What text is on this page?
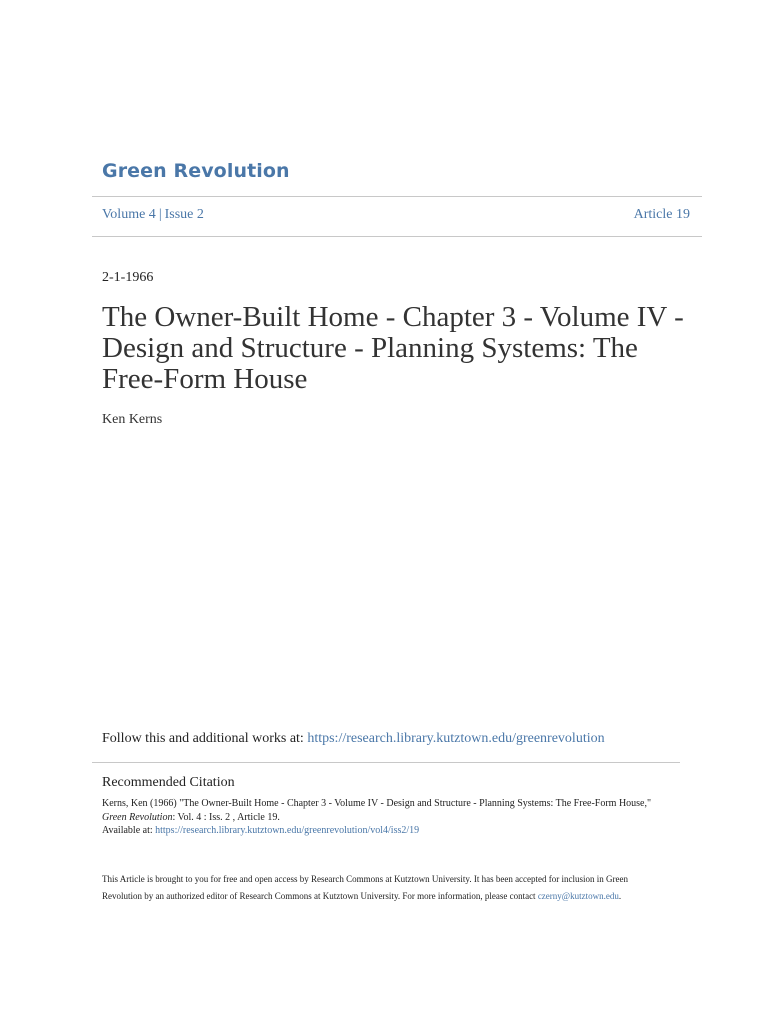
Green Revolution
Volume 4 | Issue 2	Article 19
2-1-1966
The Owner-Built Home - Chapter 3 - Volume IV - Design and Structure - Planning Systems: The Free-Form House
Ken Kerns
Follow this and additional works at: https://research.library.kutztown.edu/greenrevolution
Recommended Citation
Kerns, Ken (1966) "The Owner-Built Home - Chapter 3 - Volume IV - Design and Structure - Planning Systems: The Free-Form House," Green Revolution: Vol. 4 : Iss. 2 , Article 19.
Available at: https://research.library.kutztown.edu/greenrevolution/vol4/iss2/19
This Article is brought to you for free and open access by Research Commons at Kutztown University. It has been accepted for inclusion in Green Revolution by an authorized editor of Research Commons at Kutztown University. For more information, please contact czerny@kutztown.edu.
